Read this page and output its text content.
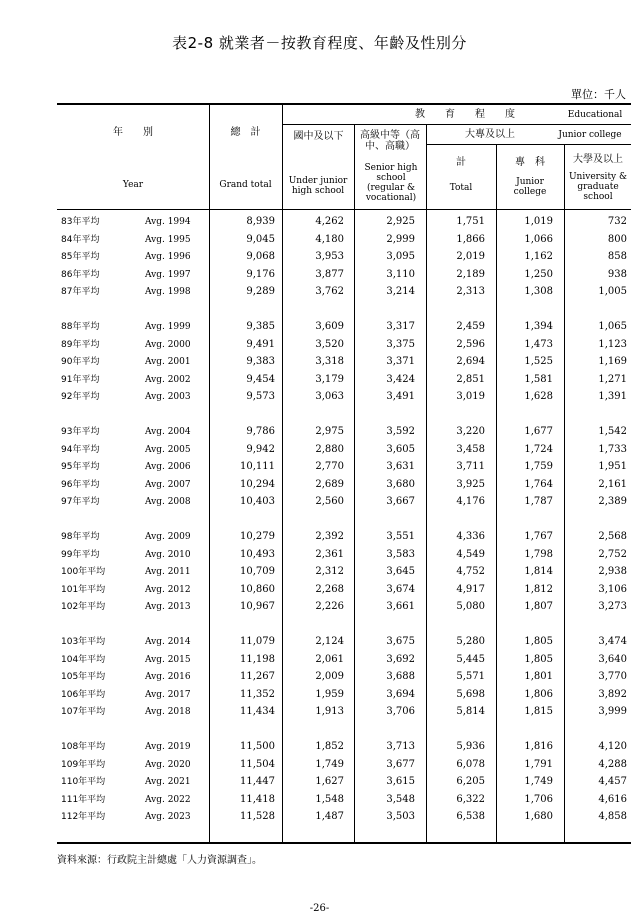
表2-8 就業者－按教育程度、年齡及性別分
單位：千人
年　　別
Year
總　計
Grand total
教　　育　　程　　度	Educational
國中及以下
Under junior high school
高級中等（高中、高職）
Senior high school (regular & vocational)
大專及以上	Junior college
計
Total
專　科
Junior college
大學及以上
University & graduate school
83年平均	Avg. 1994	8,939	4,262	2,925	1,751	1,019	732
84年平均	Avg. 1995	9,045	4,180	2,999	1,866	1,066	800
85年平均	Avg. 1996	9,068	3,953	3,095	2,019	1,162	858
86年平均	Avg. 1997	9,176	3,877	3,110	2,189	1,250	938
87年平均	Avg. 1998	9,289	3,762	3,214	2,313	1,308	1,005
88年平均	Avg. 1999	9,385	3,609	3,317	2,459	1,394	1,065
89年平均	Avg. 2000	9,491	3,520	3,375	2,596	1,473	1,123
90年平均	Avg. 2001	9,383	3,318	3,371	2,694	1,525	1,169
91年平均	Avg. 2002	9,454	3,179	3,424	2,851	1,581	1,271
92年平均	Avg. 2003	9,573	3,063	3,491	3,019	1,628	1,391
93年平均	Avg. 2004	9,786	2,975	3,592	3,220	1,677	1,542
94年平均	Avg. 2005	9,942	2,880	3,605	3,458	1,724	1,733
95年平均	Avg. 2006	10,111	2,770	3,631	3,711	1,759	1,951
96年平均	Avg. 2007	10,294	2,689	3,680	3,925	1,764	2,161
97年平均	Avg. 2008	10,403	2,560	3,667	4,176	1,787	2,389
98年平均	Avg. 2009	10,279	2,392	3,551	4,336	1,767	2,568
99年平均	Avg. 2010	10,493	2,361	3,583	4,549	1,798	2,752
100年平均	Avg. 2011	10,709	2,312	3,645	4,752	1,814	2,938
101年平均	Avg. 2012	10,860	2,268	3,674	4,917	1,812	3,106
102年平均	Avg. 2013	10,967	2,226	3,661	5,080	1,807	3,273
103年平均	Avg. 2014	11,079	2,124	3,675	5,280	1,805	3,474
104年平均	Avg. 2015	11,198	2,061	3,692	5,445	1,805	3,640
105年平均	Avg. 2016	11,267	2,009	3,688	5,571	1,801	3,770
106年平均	Avg. 2017	11,352	1,959	3,694	5,698	1,806	3,892
107年平均	Avg. 2018	11,434	1,913	3,706	5,814	1,815	3,999
108年平均	Avg. 2019	11,500	1,852	3,713	5,936	1,816	4,120
109年平均	Avg. 2020	11,504	1,749	3,677	6,078	1,791	4,288
110年平均	Avg. 2021	11,447	1,627	3,615	6,205	1,749	4,457
111年平均	Avg. 2022	11,418	1,548	3,548	6,322	1,706	4,616
112年平均	Avg. 2023	11,528	1,487	3,503	6,538	1,680	4,858
資料來源：行政院主計總處「人力資源調查」。
-26-
